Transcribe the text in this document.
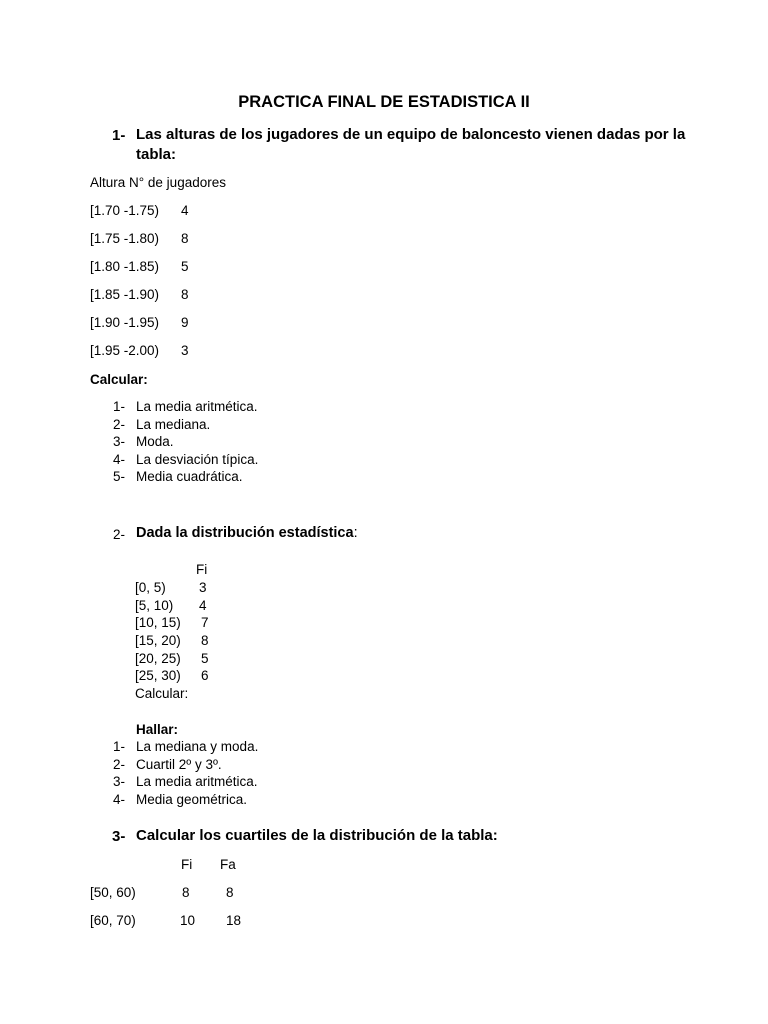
PRACTICA FINAL DE ESTADISTICA II
1- Las alturas de los jugadores de un equipo de baloncesto vienen dadas por la tabla:
Altura N° de jugadores
[1.70 -1.75) 4
[1.75 -1.80) 8
[1.80 -1.85) 5
[1.85 -1.90) 8
[1.90 -1.95) 9
[1.95 -2.00) 3
Calcular:
1- La media aritmética.
2- La mediana.
3- Moda.
4- La desviación típica.
5- Media cuadrática.
2- Dada la distribución estadística:
Fi
[0, 5) 3
[5, 10) 4
[10, 15) 7
[15, 20) 8
[20, 25) 5
[25, 30) 6
Calcular:
Hallar:
1- La mediana y moda.
2- Cuartil 2º y 3º.
3- La media aritmética.
4- Media geométrica.
3- Calcular los cuartiles de la distribución de la tabla:
Fi Fa
[50, 60)	8	8
[60, 70)	10 18
